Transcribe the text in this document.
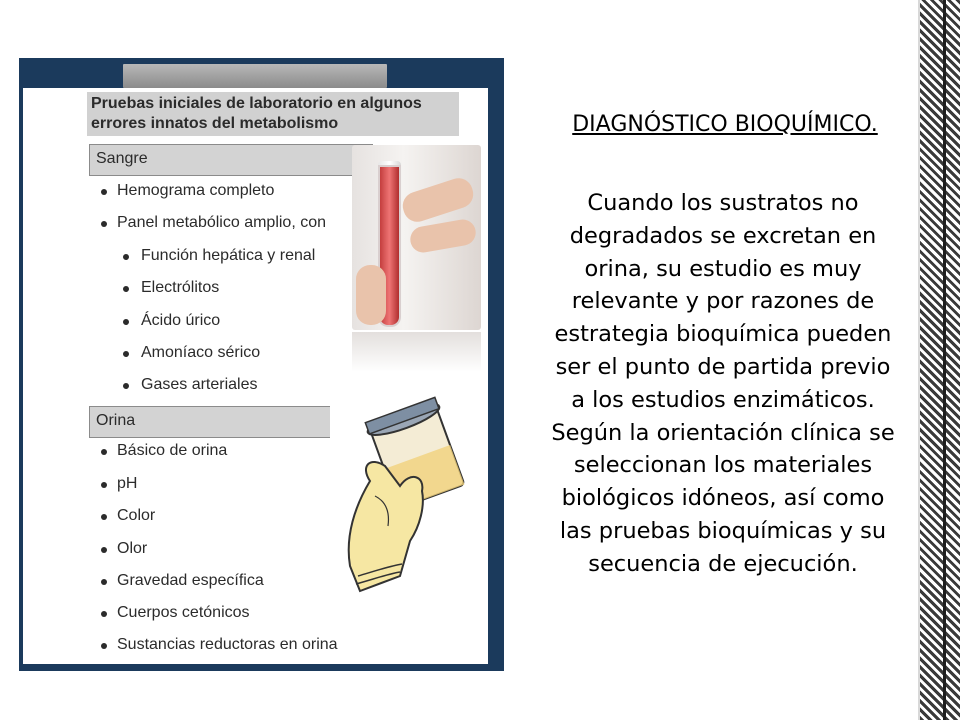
Pruebas iniciales de laboratorio en algunos errores innatos del metabolismo
Sangre
Hemograma completo
Panel metabólico amplio, con
Función hepática y renal
Electrólitos
Ácido úrico
Amoníaco sérico
Gases arteriales
Orina
Básico de orina
pH
Color
Olor
Gravedad específica
Cuerpos cetónicos
Sustancias reductoras en orina
DIAGNÓSTICO BIOQUÍMICO.
Cuando los sustratos no
degradados se excretan en
orina, su estudio es muy
relevante y por razones de
estrategia bioquímica pueden
ser el punto de partida previo
a los estudios enzimáticos.
Según la orientación clínica se
seleccionan los materiales
biológicos idóneos, así como
las pruebas bioquímicas y su
secuencia de ejecución.
